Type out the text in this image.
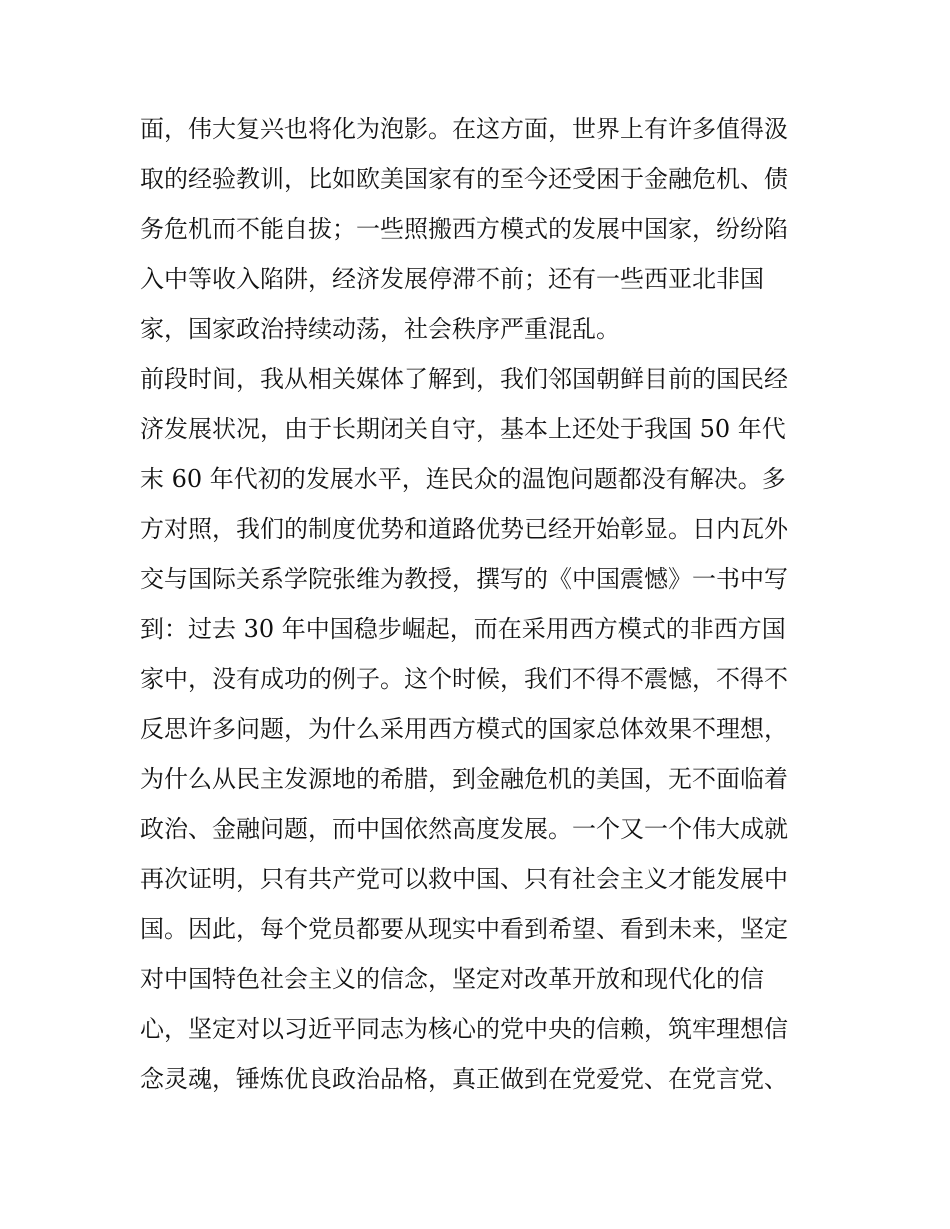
面，伟大复兴也将化为泡影。在这方面，世界上有许多值得汲
取的经验教训，比如欧美国家有的至今还受困于金融危机、债
务危机而不能自拔；一些照搬西方模式的发展中国家，纷纷陷
入中等收入陷阱，经济发展停滞不前；还有一些西亚北非国
家，国家政治持续动荡，社会秩序严重混乱。
前段时间，我从相关媒体了解到，我们邻国朝鲜目前的国民经
济发展状况，由于长期闭关自守，基本上还处于我国 50 年代
末 60 年代初的发展水平，连民众的温饱问题都没有解决。多
方对照，我们的制度优势和道路优势已经开始彰显。日内瓦外
交与国际关系学院张维为教授，撰写的《中国震憾》一书中写
到：过去 30 年中国稳步崛起，而在采用西方模式的非西方国
家中，没有成功的例子。这个时候，我们不得不震憾，不得不
反思许多问题，为什么采用西方模式的国家总体效果不理想，
为什么从民主发源地的希腊，到金融危机的美国，无不面临着
政治、金融问题，而中国依然高度发展。一个又一个伟大成就
再次证明，只有共产党可以救中国、只有社会主义才能发展中
国。因此，每个党员都要从现实中看到希望、看到未来，坚定
对中国特色社会主义的信念，坚定对改革开放和现代化的信
心，坚定对以习近平同志为核心的党中央的信赖，筑牢理想信
念灵魂，锤炼优良政治品格，真正做到在党爱党、在党言党、
